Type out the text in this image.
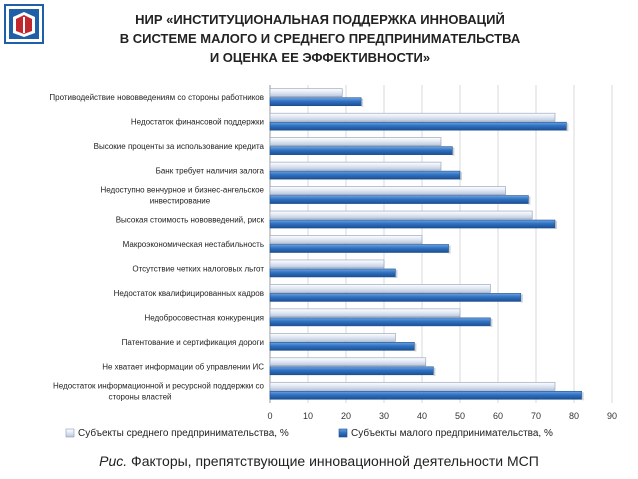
НИР «ИНСТИТУЦИОНАЛЬНАЯ ПОДДЕРЖКА ИННОВАЦИЙ
В СИСТЕМЕ МАЛОГО И СРЕДНЕГО ПРЕДПРИНИМАТЕЛЬСТВА
И ОЦЕНКА ЕЕ ЭФФЕКТИВНОСТИ»
0	10	20	30	40	50	60	70	80	90
Противодействие нововведениям со стороны работников
Недостаток финансовой поддержки
Высокие проценты за использование кредита
Банк требует наличия залога
Недоступно венчурное и бизнес-ангельское
инвестирование
Высокая стоимость нововведений, риск
Макроэкономическая нестабильность
Отсутствие четких налоговых льгот
Недостаток квалифицированных кадров
Недобросовестная конкуренция
Патентование и сертификация дороги
Не хватает информации об управлении ИС
Недостаток информационной и ресурсной поддержки со
стороны властей
Субъекты среднего предпринимательства, %	Субъекты малого предпринимательства, %
Рис. Факторы, препятствующие инновационной деятельности МСП
